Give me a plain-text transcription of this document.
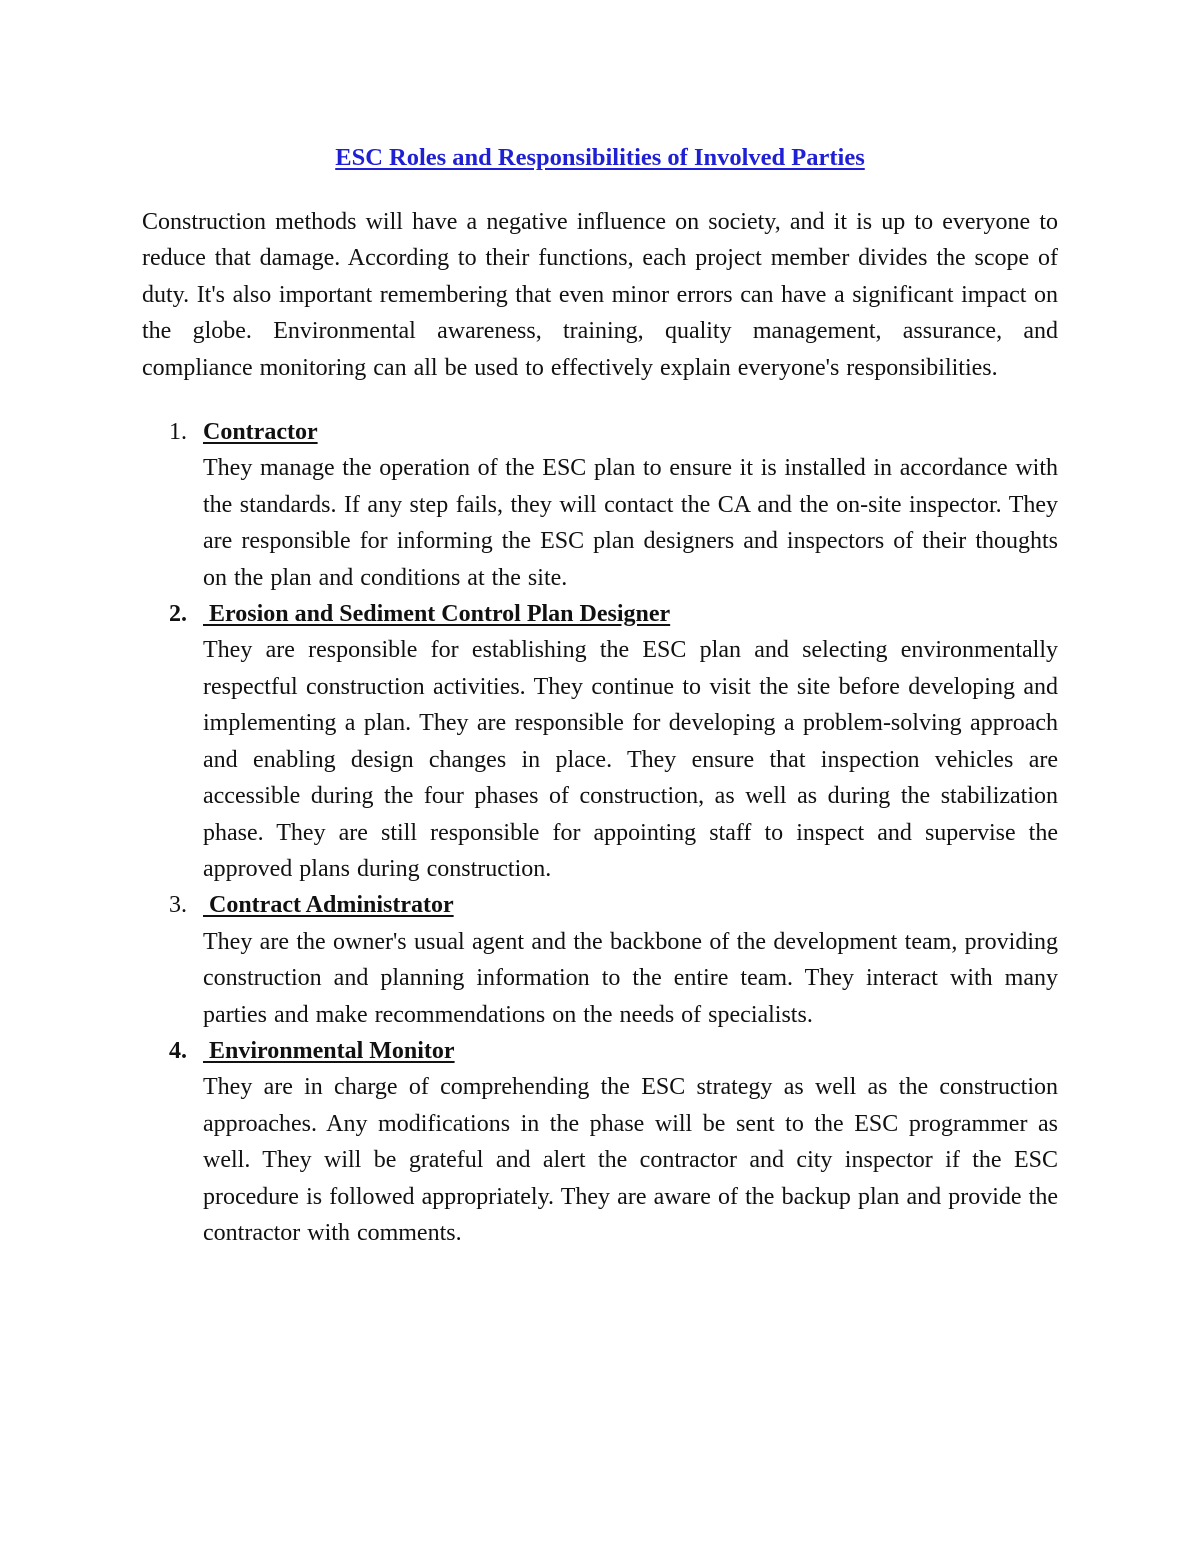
ESC Roles and Responsibilities of Involved Parties

Construction methods will have a negative influence on society, and it is up to everyone to reduce that damage. According to their functions, each project member divides the scope of duty. It's also important remembering that even minor errors can have a significant impact on the globe. Environmental awareness, training, quality management, assurance, and compliance monitoring can all be used to effectively explain everyone's responsibilities.

1. Contractor

They manage the operation of the ESC plan to ensure it is installed in accordance with the standards. If any step fails, they will contact the CA and the on-site inspector. They are responsible for informing the ESC plan designers and inspectors of their thoughts on the plan and conditions at the site.

2. Erosion and Sediment Control Plan Designer

They are responsible for establishing the ESC plan and selecting environmentally respectful construction activities. They continue to visit the site before developing and implementing a plan. They are responsible for developing a problem-solving approach and enabling design changes in place. They ensure that inspection vehicles are accessible during the four phases of construction, as well as during the stabilization phase. They are still responsible for appointing staff to inspect and supervise the approved plans during construction.

3. Contract Administrator

They are the owner's usual agent and the backbone of the development team, providing construction and planning information to the entire team. They interact with many parties and make recommendations on the needs of specialists.

4. Environmental Monitor

They are in charge of comprehending the ESC strategy as well as the construction approaches. Any modifications in the phase will be sent to the ESC programmer as well. They will be grateful and alert the contractor and city inspector if the ESC procedure is followed appropriately. They are aware of the backup plan and provide the contractor with comments.
